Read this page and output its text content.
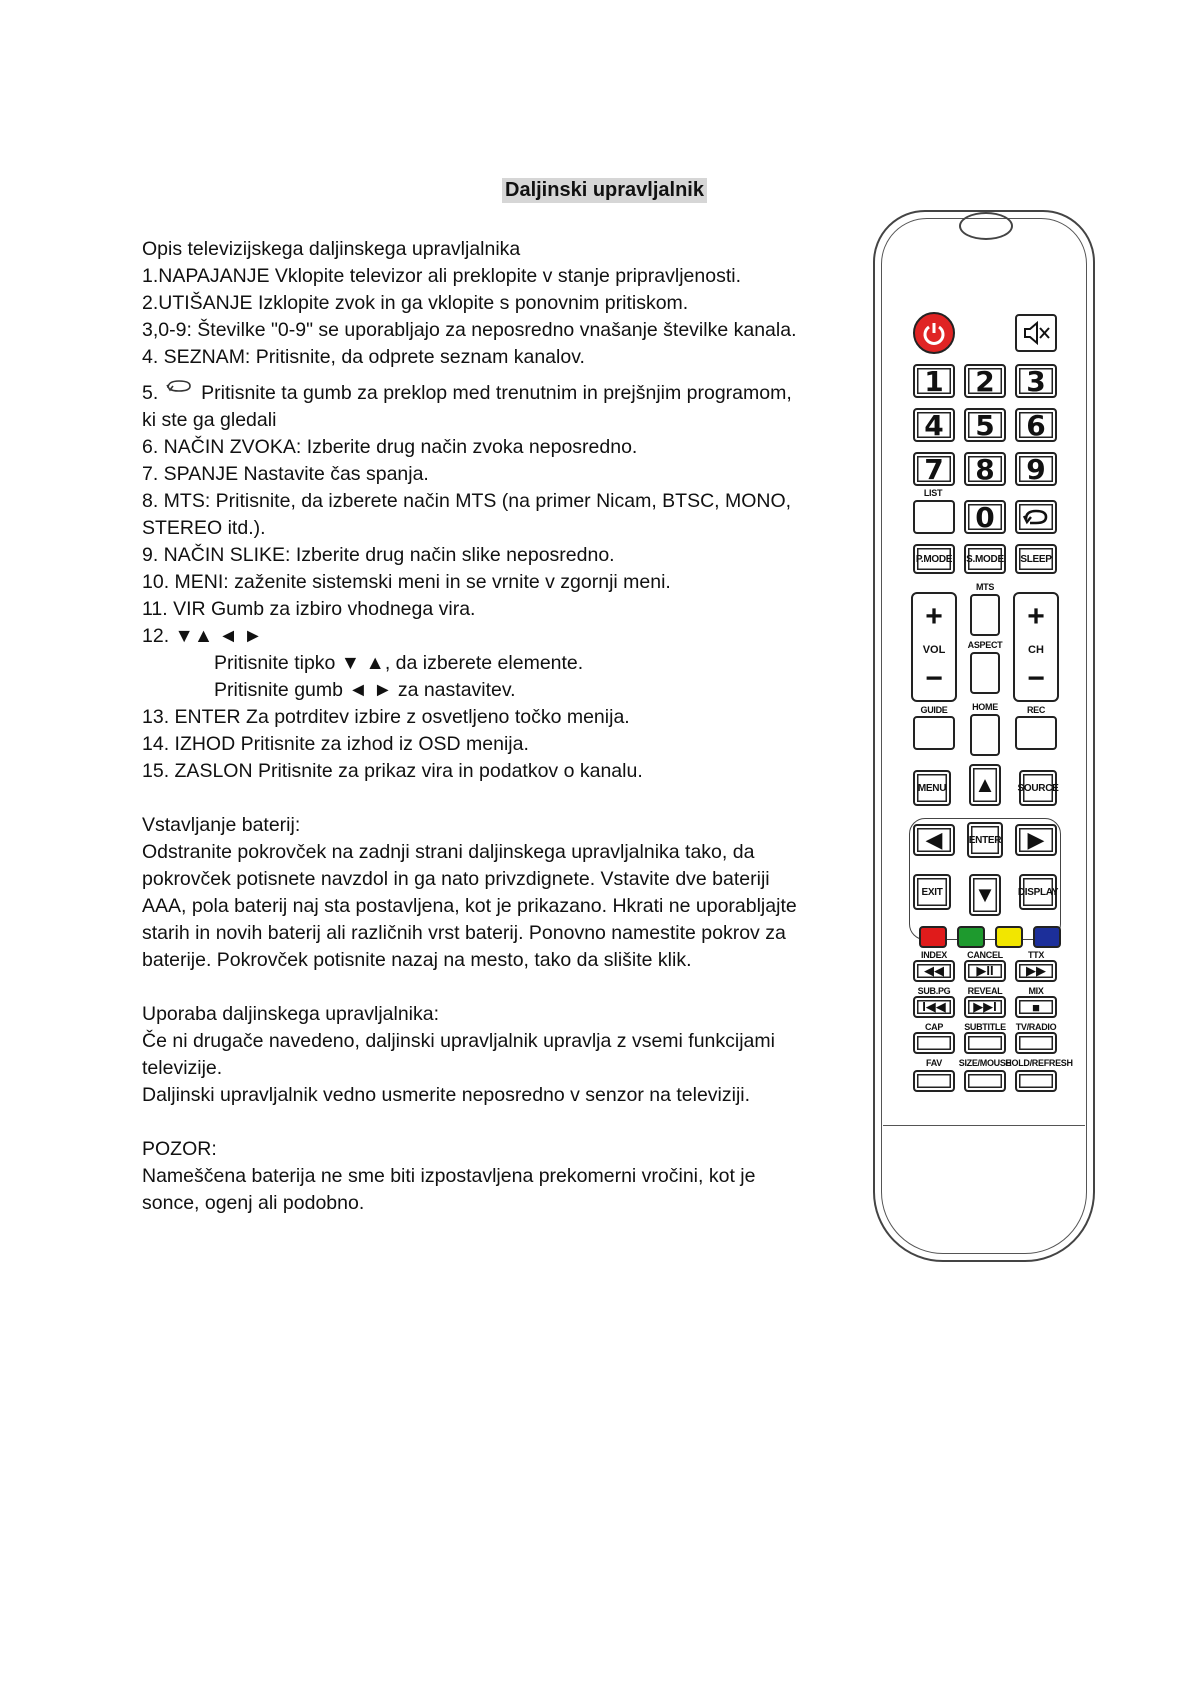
Daljinski upravljalnik

Opis televizijskega daljinskega upravljalnika

1.NAPAJANJE Vklopite televizor ali preklopite v stanje pripravljenosti.

2.UTIŠANJE Izklopite zvok in ga vklopite s ponovnim pritiskom.

3,0-9: Številke "0-9" se uporabljajo za neposredno vnašanje številke kanala.

4. SEZNAM: Pritisnite, da odprete seznam kanalov.

5. Pritisnite ta gumb za preklop med trenutnim in prejšnjim programom,

ki ste ga gledali

6. NAČIN ZVOKA: Izberite drug način zvoka neposredno.

7. SPANJE Nastavite čas spanja.

8. MTS: Pritisnite, da izberete način MTS (na primer Nicam, BTSC, MONO,

STEREO itd.).

9. NAČIN SLIKE: Izberite drug način slike neposredno.

10. MENI: zaženite sistemski meni in se vrnite v zgornji meni.

11. VIR Gumb za izbiro vhodnega vira.

12. ▼▲ ◄ ►

Pritisnite tipko ▼ ▲, da izberete elemente.

Pritisnite gumb ◄ ► za nastavitev.

13. ENTER Za potrditev izbire z osvetljeno točko menija.

14. IZHOD Pritisnite za izhod iz OSD menija.

15. ZASLON Pritisnite za prikaz vira in podatkov o kanalu.

Vstavljanje baterij:

Odstranite pokrovček na zadnji strani daljinskega upravljalnika tako, da

pokrovček potisnete navzdol in ga nato privzdignete. Vstavite dve bateriji

AAA, pola baterij naj sta postavljena, kot je prikazano. Hkrati ne uporabljajte

starih in novih baterij ali različnih vrst baterij. Ponovno namestite pokrov za

baterije. Pokrovček potisnite nazaj na mesto, tako da slišite klik.

Uporaba daljinskega upravljalnika:

Če ni drugače navedeno, daljinski upravljalnik upravlja z vsemi funkcijami

televizije.

Daljinski upravljalnik vedno usmerite neposredno v senzor na televiziji.

POZOR:

Nameščena baterija ne sme biti izpostavljena prekomerni vročini, kot je

sonce, ogenj ali podobno.

1	2	3
4	5	6
7	8	9
LIST
0
P.MODE S.MODE	SLEEP
MTS
+
VOL
−
ASPECT
+
CH
−
GUIDE	HOME	REC
MENU ▲	SOURCE
◀	ENTER	▶
EXIT	▼	DISPLAY
INDEX CANCEL	TTX
◀◀	▶II	▶▶
SUB.PG REVEAL	MIX
I◀◀	▶▶I	■
CAP SUBTITLE TV/RADIO
FAV SIZE/MOUSE
HOLD/REFRESH
